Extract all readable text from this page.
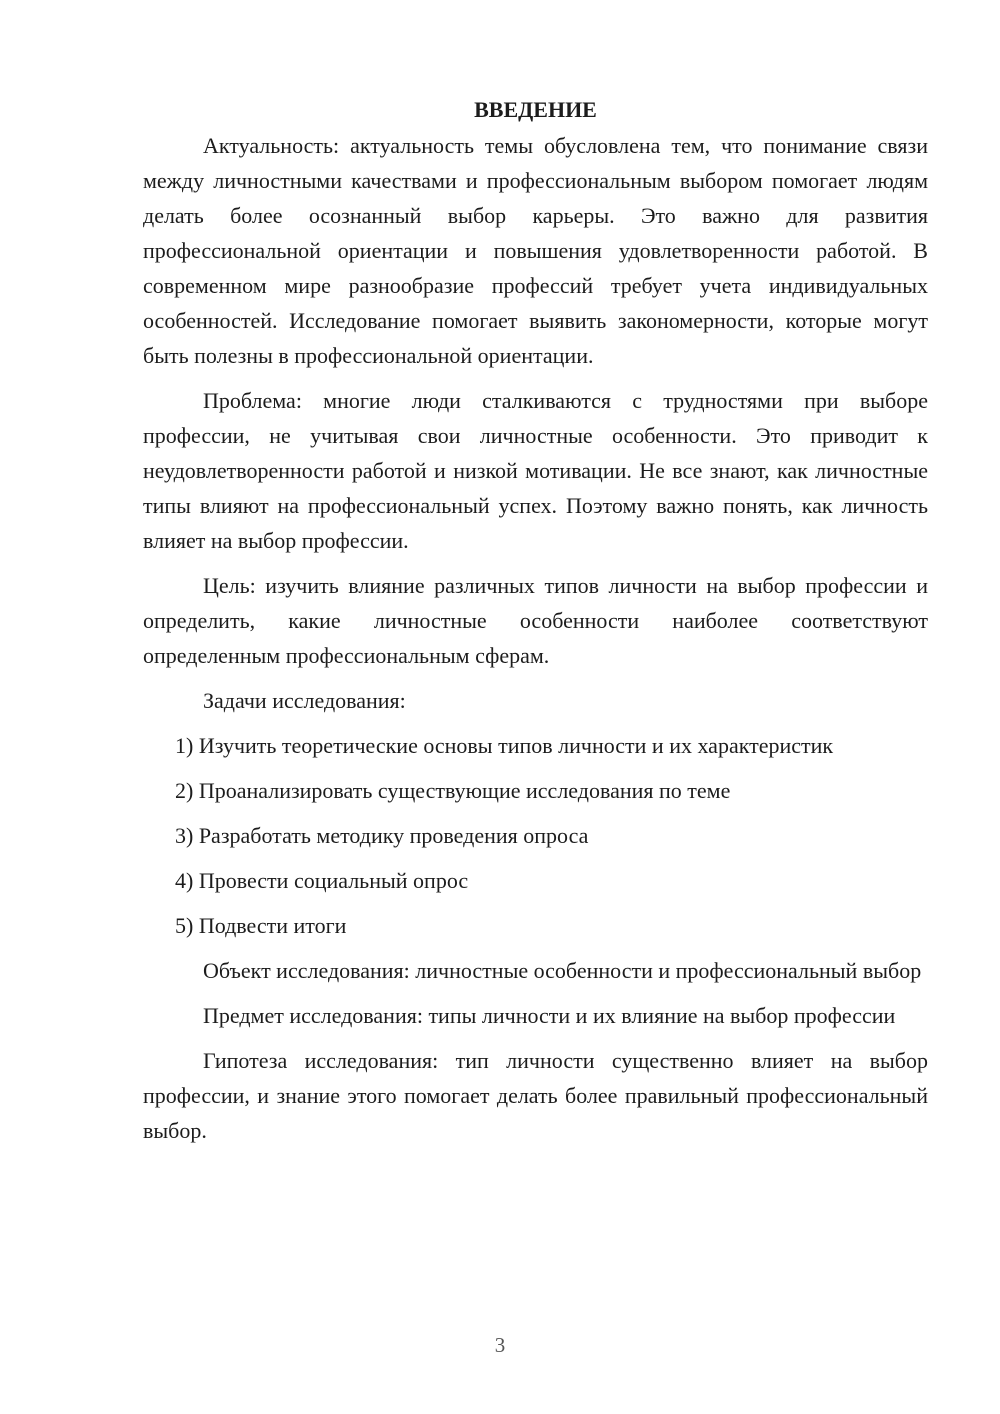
ВВЕДЕНИЕ

Актуальность: актуальность темы обусловлена тем, что понимание связи между личностными качествами и профессиональным выбором помогает людям делать более осознанный выбор карьеры. Это важно для развития профессиональной ориентации и повышения удовлетворенности работой. В современном мире разнообразие профессий требует учета индивидуальных особенностей. Исследование помогает выявить закономерности, которые могут быть полезны в профессиональной ориентации.

Проблема: многие люди сталкиваются с трудностями при выборе профессии, не учитывая свои личностные особенности. Это приводит к неудовлетворенности работой и низкой мотивации. Не все знают, как личностные типы влияют на профессиональный успех. Поэтому важно понять, как личность влияет на выбор профессии.

Цель: изучить влияние различных типов личности на выбор профессии и определить, какие личностные особенности наиболее соответствуют определенным профессиональным сферам.

Задачи исследования:

1) Изучить теоретические основы типов личности и их характеристик
2) Проанализировать существующие исследования по теме
3) Разработать методику проведения опроса
4) Провести социальный опрос
5) Подвести итоги

Объект исследования: личностные особенности и профессиональный выбор

Предмет исследования: типы личности и их влияние на выбор профессии

Гипотеза исследования: тип личности существенно влияет на выбор профессии, и знание этого помогает делать более правильный профессиональный выбор.

3
